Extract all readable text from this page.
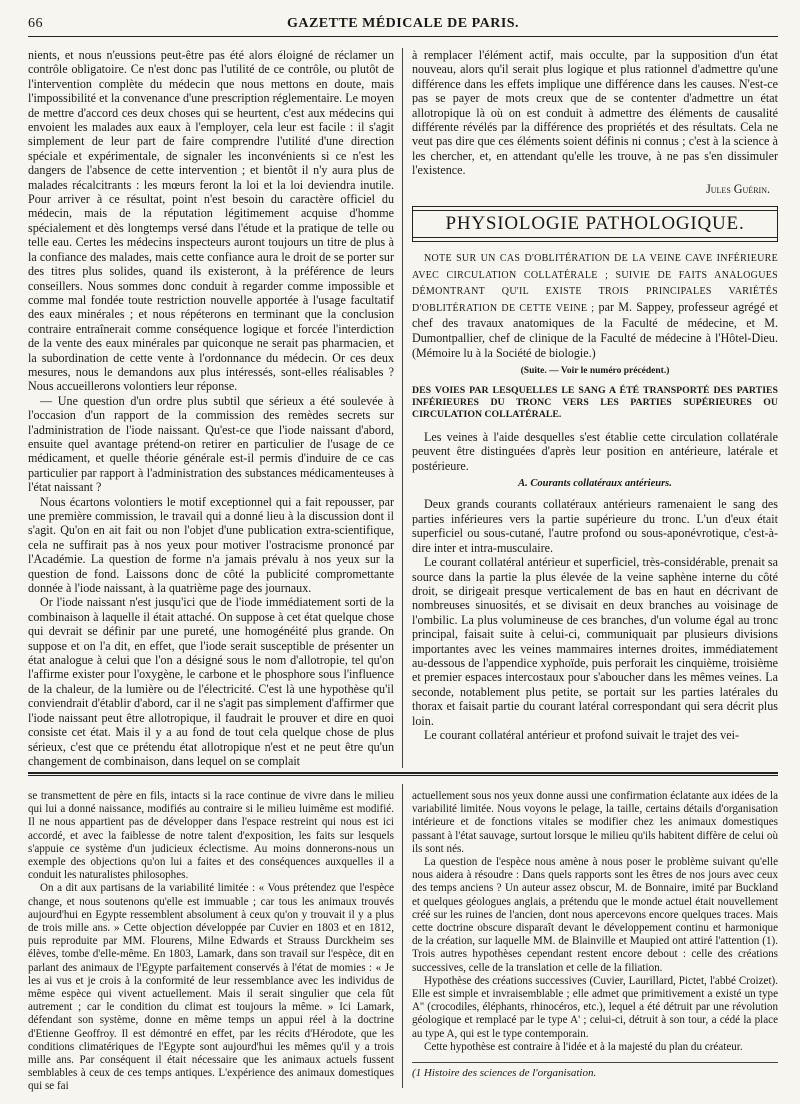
66	GAZETTE MÉDICALE DE PARIS.

nients, et nous n'eussions peut-être pas été alors éloigné de réclamer un contrôle obligatoire. Ce n'est donc pas l'utilité de ce contrôle, ou plutôt de l'intervention complète du médecin que nous mettons en doute, mais l'impossibilité et la convenance d'une prescription réglementaire. Le moyen de mettre d'accord ces deux choses qui se heurtent, c'est aux médecins qui envoient les malades aux eaux à l'employer, cela leur est facile : il s'agit simplement de leur part de faire comprendre l'utilité d'une direction spéciale et expérimentale, de signaler les inconvénients si ce n'est les dangers de l'absence de cette intervention ; et bientôt il n'y aura plus de malades récalcitrants : les mœurs feront la loi et la loi deviendra inutile. Pour arriver à ce résultat, point n'est besoin du caractère officiel du médecin, mais de la réputation légitimement acquise d'homme spécialement et dès longtemps versé dans l'étude et la pratique de telle ou telle eau. Certes les médecins inspecteurs auront toujours un titre de plus à la confiance des malades, mais cette confiance aura le droit de se porter sur des titres plus solides, quand ils existeront, à la préférence de leurs conseillers. Nous sommes donc conduit à regarder comme impossible et comme mal fondée toute restriction nouvelle apportée à l'usage facultatif des eaux minérales ; et nous répéterons en terminant que la conclusion contraire entraînerait comme conséquence logique et forcée l'interdiction de la vente des eaux minérales par quiconque ne serait pas pharmacien, et la subordination de cette vente à l'ordonnance du médecin. Or ces deux mesures, nous le demandons aux plus intéressés, sont-elles réalisables ? Nous accueillerons volontiers leur réponse.

— Une question d'un ordre plus subtil que sérieux a été soulevée à l'occasion d'un rapport de la commission des remèdes secrets sur l'administration de l'iode naissant. Qu'est-ce que l'iode naissant d'abord, ensuite quel avantage prétend-on retirer en particulier de l'usage de ce médicament, et quelle théorie générale est-il permis d'induire de ce cas particulier par rapport à l'administration des substances médicamenteuses à l'état naissant ?

Nous écartons volontiers le motif exceptionnel qui a fait repousser, par une première commission, le travail qui a donné lieu à la discussion dont il s'agit. Qu'on en ait fait ou non l'objet d'une publication extra-scientifique, cela ne suffirait pas à nos yeux pour motiver l'ostracisme prononcé par l'Académie. La question de forme n'a jamais prévalu à nos yeux sur la question de fond. Laissons donc de côté la publicité compromettante donnée à l'iode naissant, à la quatrième page des journaux.

Or l'iode naissant n'est jusqu'ici que de l'iode immédiatement sorti de la combinaison à laquelle il était attaché. On suppose à cet état quelque chose qui devrait se définir par une pureté, une homogénéité plus grande. On suppose et on l'a dit, en effet, que l'iode serait susceptible de présenter un état analogue à celui que l'on a désigné sous le nom d'allotropie, tel qu'on l'affirme exister pour l'oxygène, le carbone et le phosphore sous l'influence de la chaleur, de la lumière ou de l'électricité. C'est là une hypothèse qu'il conviendrait d'établir d'abord, car il ne s'agit pas simplement d'affirmer que l'iode naissant peut être allotropique, il faudrait le prouver et dire en quoi consiste cet état. Mais il y a au fond de tout cela quelque chose de plus sérieux, c'est que ce prétendu état allotropique n'est et ne peut être qu'un changement de combinaison, dans lequel on se complait

à remplacer l'élément actif, mais occulte, par la supposition d'un état nouveau, alors qu'il serait plus logique et plus rationnel d'admettre qu'une différence dans les effets implique une différence dans les causes. N'est-ce pas se payer de mots creux que de se contenter d'admettre un état allotropique là où on est conduit à admettre des éléments de causalité différente révélés par la différence des propriétés et des résultats. Cela ne veut pas dire que ces éléments soient définis ni connus ; c'est à la science à les chercher, et, en attendant qu'elle les trouve, à ne pas s'en dissimuler l'existence.

Jules Guérin.

PHYSIOLOGIE PATHOLOGIQUE.

NOTE SUR UN CAS D'OBLITÉRATION DE LA VEINE CAVE INFÉRIEURE AVEC CIRCULATION COLLATÉRALE ; SUIVIE DE FAITS ANALOGUES DÉMONTRANT QU'IL EXISTE TROIS PRINCIPALES VARIÉTÉS D'OBLITÉRATION DE CETTE VEINE ; par M. Sappey, professeur agrégé et chef des travaux anatomiques de la Faculté de médecine, et M. Dumontpallier, chef de clinique de la Faculté de médecine à l'Hôtel-Dieu. (Mémoire lu à la Société de biologie.)

(Suite. — Voir le numéro précédent.)
DES VOIES PAR LESQUELLES LE SANG A ÉTÉ TRANSPORTÉ DES PARTIES INFÉRIEURES DU TRONC VERS LES PARTIES SUPÉRIEURES OU CIRCULATION COLLATÉRALE.

Les veines à l'aide desquelles s'est établie cette circulation collatérale peuvent être distinguées d'après leur position en antérieure, latérale et postérieure.

A. Courants collatéraux antérieurs.

Deux grands courants collatéraux antérieurs ramenaient le sang des parties inférieures vers la partie supérieure du tronc. L'un d'eux était superficiel ou sous-cutané, l'autre profond ou sous-aponévrotique, c'est-à-dire inter et intra-musculaire.

Le courant collatéral antérieur et superficiel, très-considérable, prenait sa source dans la partie la plus élevée de la veine saphène interne du côté droit, se dirigeait presque verticalement de bas en haut en décrivant de nombreuses sinuosités, et se divisait en deux branches au voisinage de l'ombilic. La plus volumineuse de ces branches, d'un volume égal au tronc principal, faisait suite à celui-ci, communiquait par plusieurs divisions importantes avec les veines mammaires internes droites, immédiatement au-dessous de l'appendice xyphoïde, puis perforait les cinquième, troisième et premier espaces intercostaux pour s'aboucher dans les mêmes veines. La seconde, notablement plus petite, se portait sur les parties latérales du thorax et faisait partie du courant latéral correspondant qui sera décrit plus loin.

Le courant collatéral antérieur et profond suivait le trajet des vei-

se transmettent de père en fils, intacts si la race continue de vivre dans le milieu qui lui a donné naissance, modifiés au contraire si le milieu luimême est modifié. Il ne nous appartient pas de développer dans l'espace restreint qui nous est ici accordé, et avec la faiblesse de notre talent d'exposition, les faits sur lesquels s'appuie ce système d'un judicieux éclectisme. Au moins donnerons-nous un exemple des objections qu'on lui a faites et des conséquences auxquelles il a conduit les naturalistes philosophes.

On a dit aux partisans de la variabilité limitée : « Vous prétendez que l'espèce change, et nous soutenons qu'elle est immuable ; car tous les animaux trouvés aujourd'hui en Egypte ressemblent absolument à ceux qu'on y trouvait il y a plus de trois mille ans. » Cette objection développée par Cuvier en 1803 et en 1812, puis reproduite par MM. Flourens, Milne Edwards et Strauss Durckheim ses élèves, tombe d'elle-même. En 1803, Lamark, dans son travail sur l'espèce, dit en parlant des animaux de l'Egypte parfaitement conservés à l'état de momies : « Je les ai vus et je crois à la conformité de leur ressemblance avec les individus de même espèce qui vivent actuellement. Mais il serait singulier que cela fût autrement ; car le condition du climat est toujours la même. » Ici Lamark, défendant son système, donne en même temps un appui réel à la doctrine d'Etienne Geoffroy. Il est démontré en effet, par les récits d'Hérodote, que les conditions climatériques de l'Egypte sont aujourd'hui les mêmes qu'il y a trois mille ans. Par conséquent il était nécessaire que les animaux actuels fussent semblables à ceux de ces temps antiques. L'expérience des animaux domestiques qui se fai

actuellement sous nos yeux donne aussi une confirmation éclatante aux idées de la variabilité limitée. Nous voyons le pelage, la taille, certains détails d'organisation intérieure et de fonctions vitales se modifier chez les animaux domestiques passant à l'état sauvage, surtout lorsque le milieu qu'ils habitent diffère de celui où ils sont nés.

La question de l'espèce nous amène à nous poser le problème suivant qu'elle nous aidera à résoudre : Dans quels rapports sont les êtres de nos jours avec ceux des temps anciens ? Un auteur assez obscur, M. de Bonnaire, imité par Buckland et quelques géologues anglais, a prétendu que le monde actuel était nouvellement créé sur les ruines de l'ancien, dont nous apercevons encore quelques traces. Mais cette doctrine obscure disparaît devant le développement continu et harmonique de la création, sur laquelle MM. de Blainville et Maupied ont attiré l'attention (1). Trois autres hypothèses cependant restent encore debout : celle des créations successives, celle de la translation et celle de la filiation.

Hypothèse des créations successives (Cuvier, Laurillard, Pictet, l'abbé Croizet). Elle est simple et invraisemblable ; elle admet que primitivement a existé un type A'' (crocodiles, éléphants, rhinocéros, etc.), lequel a été détruit par une révolution géologique et remplacé par le type A' ; celui-ci, détruit à son tour, a cédé la place au type A, qui est le type contemporain.

Cette hypothèse est contraire à l'idée et à la majesté du plan du créateur.

(1 Histoire des sciences de l'organisation.
